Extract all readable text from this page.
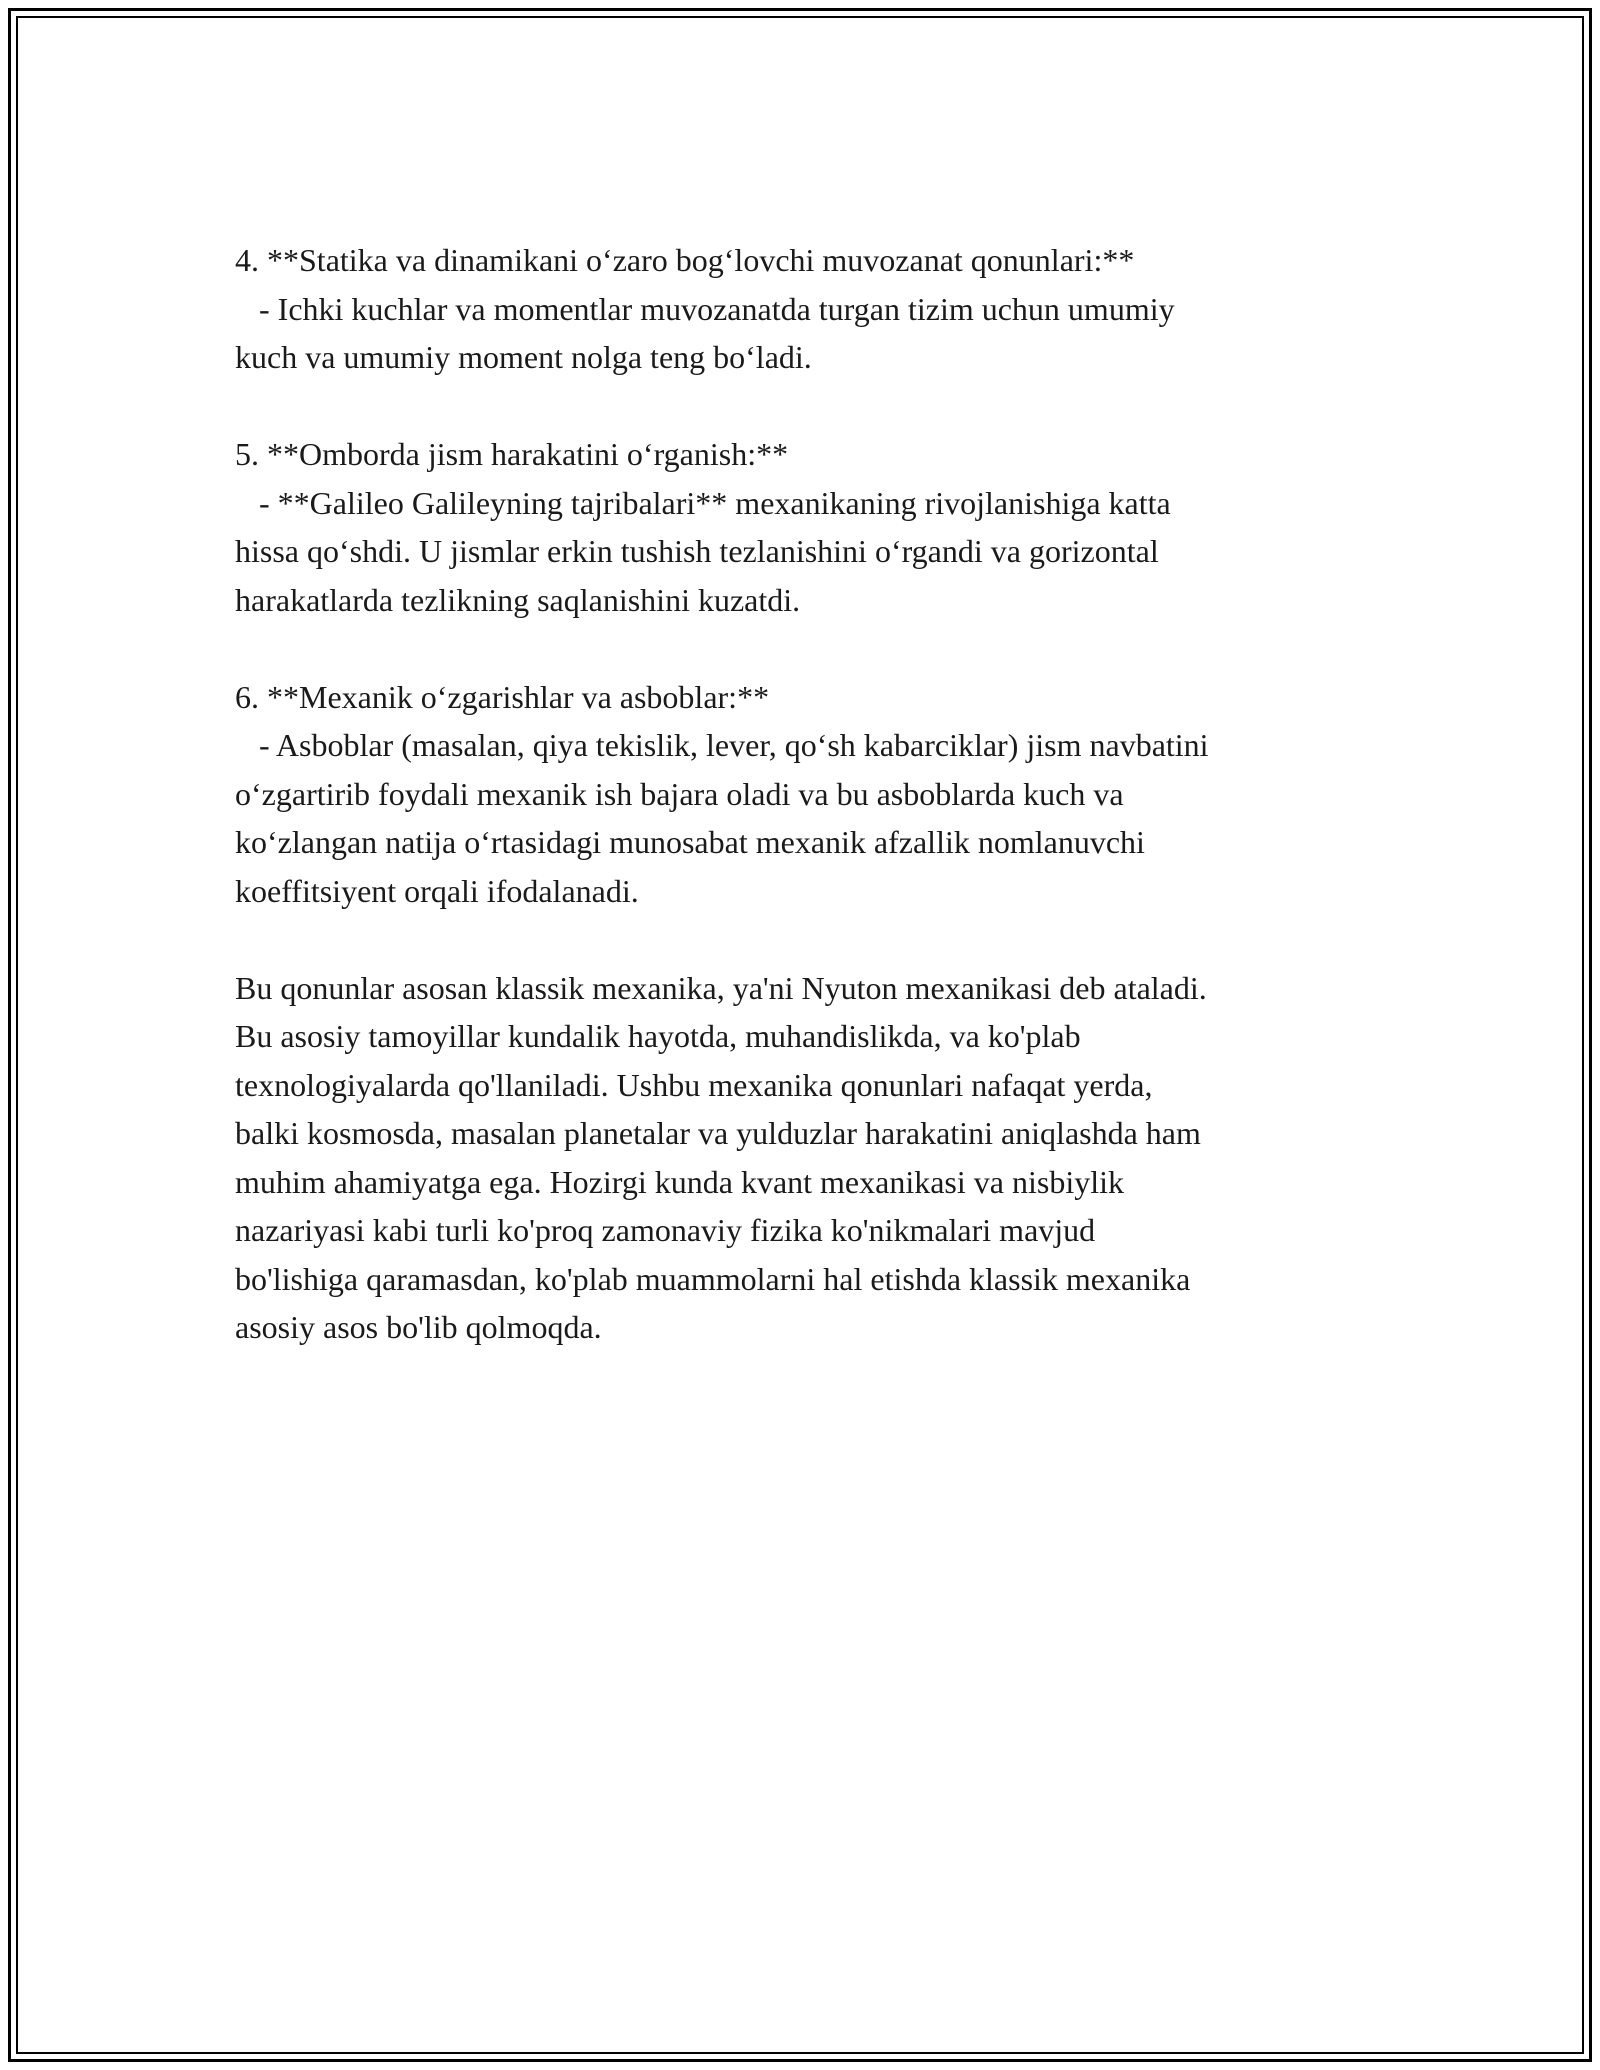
4. **Statika va dinamikani o‘zaro bog‘lovchi muvozanat qonunlari:**
- Ichki kuchlar va momentlar muvozanatda turgan tizim uchun umumiy
kuch va umumiy moment nolga teng bo‘ladi.
5. **Omborda jism harakatini o‘rganish:**
- **Galileo Galileyning tajribalari** mexanikaning rivojlanishiga katta
hissa qo‘shdi. U jismlar erkin tushish tezlanishini o‘rgandi va gorizontal
harakatlarda tezlikning saqlanishini kuzatdi.
6. **Mexanik o‘zgarishlar va asboblar:**
- Asboblar (masalan, qiya tekislik, lever, qo‘sh kabarciklar) jism navbatini
o‘zgartirib foydali mexanik ish bajara oladi va bu asboblarda kuch va
ko‘zlangan natija o‘rtasidagi munosabat mexanik afzallik nomlanuvchi
koeffitsiyent orqali ifodalanadi.
Bu qonunlar asosan klassik mexanika, ya'ni Nyuton mexanikasi deb ataladi.
Bu asosiy tamoyillar kundalik hayotda, muhandislikda, va ko'plab
texnologiyalarda qo'llaniladi. Ushbu mexanika qonunlari nafaqat yerda,
balki kosmosda, masalan planetalar va yulduzlar harakatini aniqlashda ham
muhim ahamiyatga ega. Hozirgi kunda kvant mexanikasi va nisbiylik
nazariyasi kabi turli ko'proq zamonaviy fizika ko'nikmalari mavjud
bo'lishiga qaramasdan, ko'plab muammolarni hal etishda klassik mexanika
asosiy asos bo'lib qolmoqda.
